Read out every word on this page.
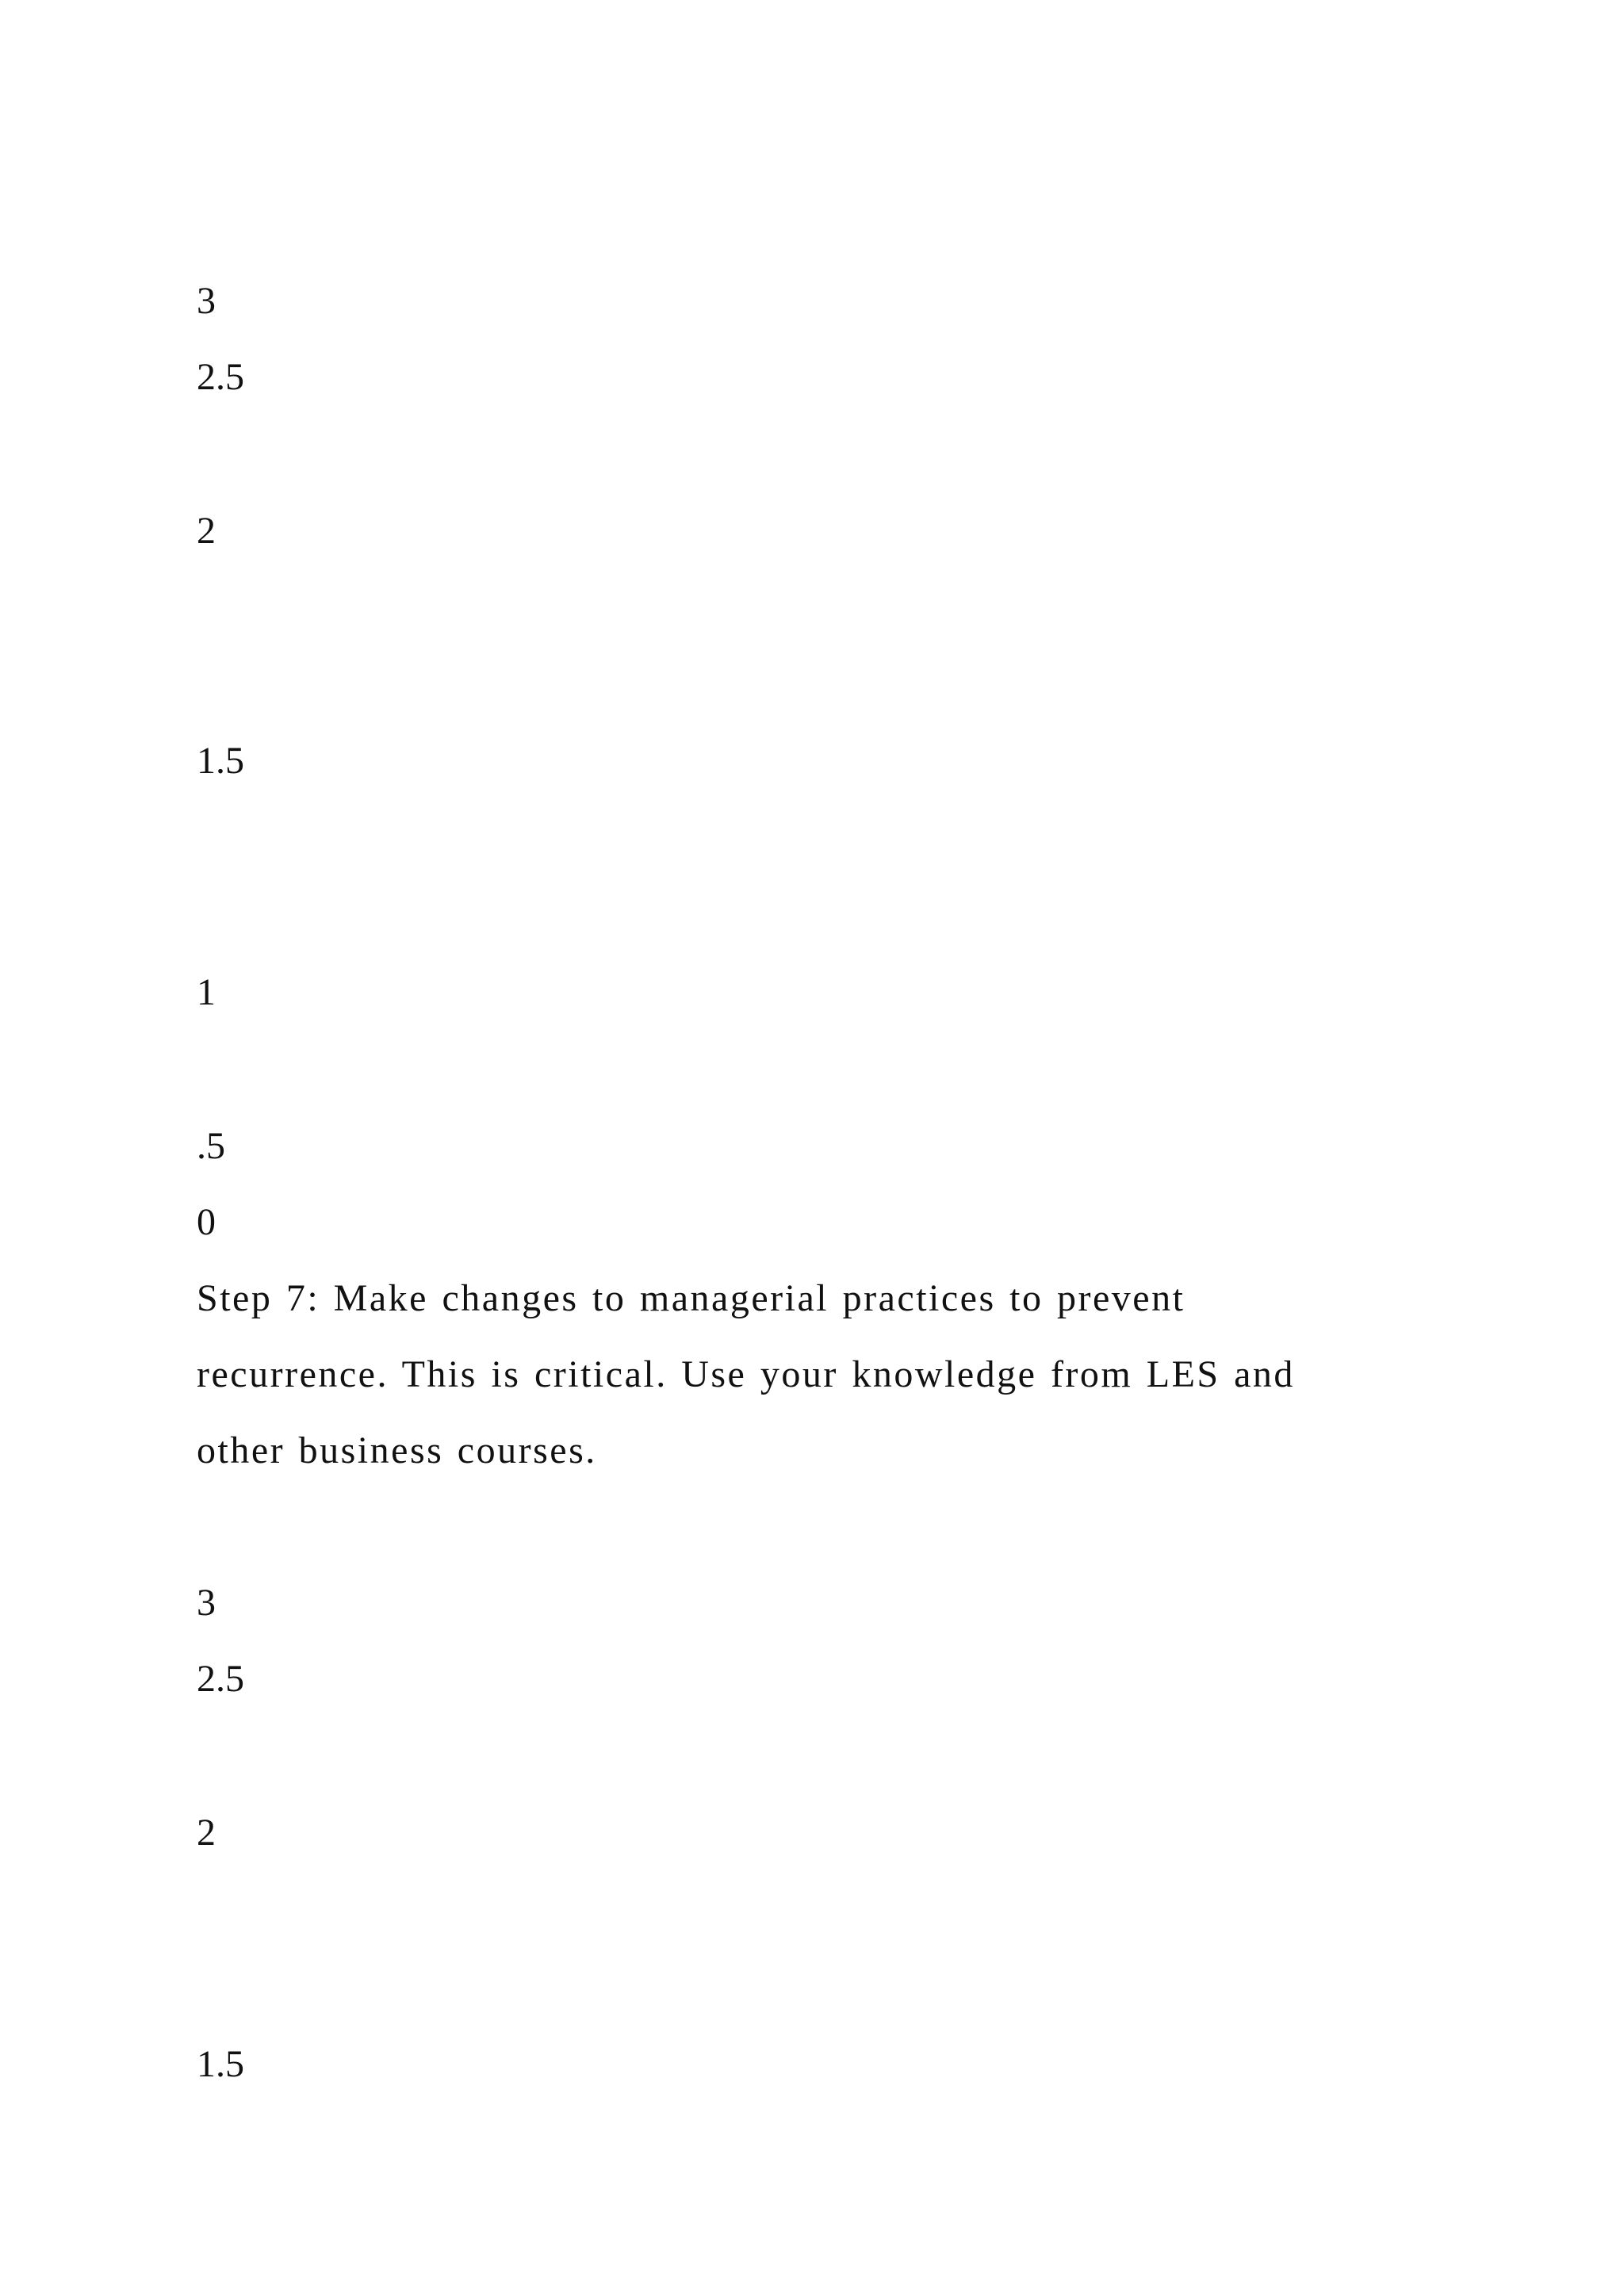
3
2.5
2
1.5
1
.5
0
Step 7: Make changes to managerial practices to prevent
recurrence. This is critical. Use your knowledge from LES and
other business courses.
3
2.5
2
1.5
